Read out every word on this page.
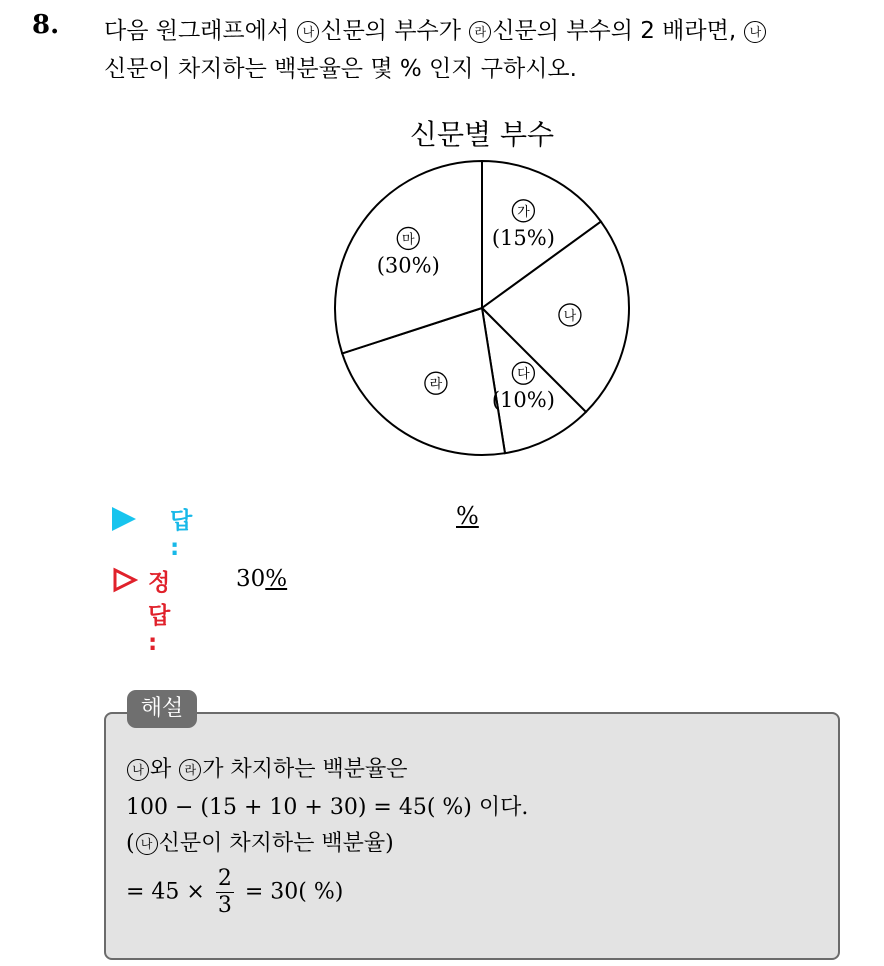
8. 다음 원그래프에서 나 신문의 부수가 라 신문의 부수의 2 배라면, 나
신문이 차지하는 백분율은 몇 % 인지 구하시오.
신문별 부수
가
(15%)
나
다
(10%)
라
마
(30%)
답 :
%
정답 :
30%
해설
나 와 라 가 차지하는 백분율은
100 − (15 + 10 + 30) = 45( %) 이다.
( 나 신문이 차지하는 백분율)
= $45 \times \frac{2}{3} = 30$( %)
